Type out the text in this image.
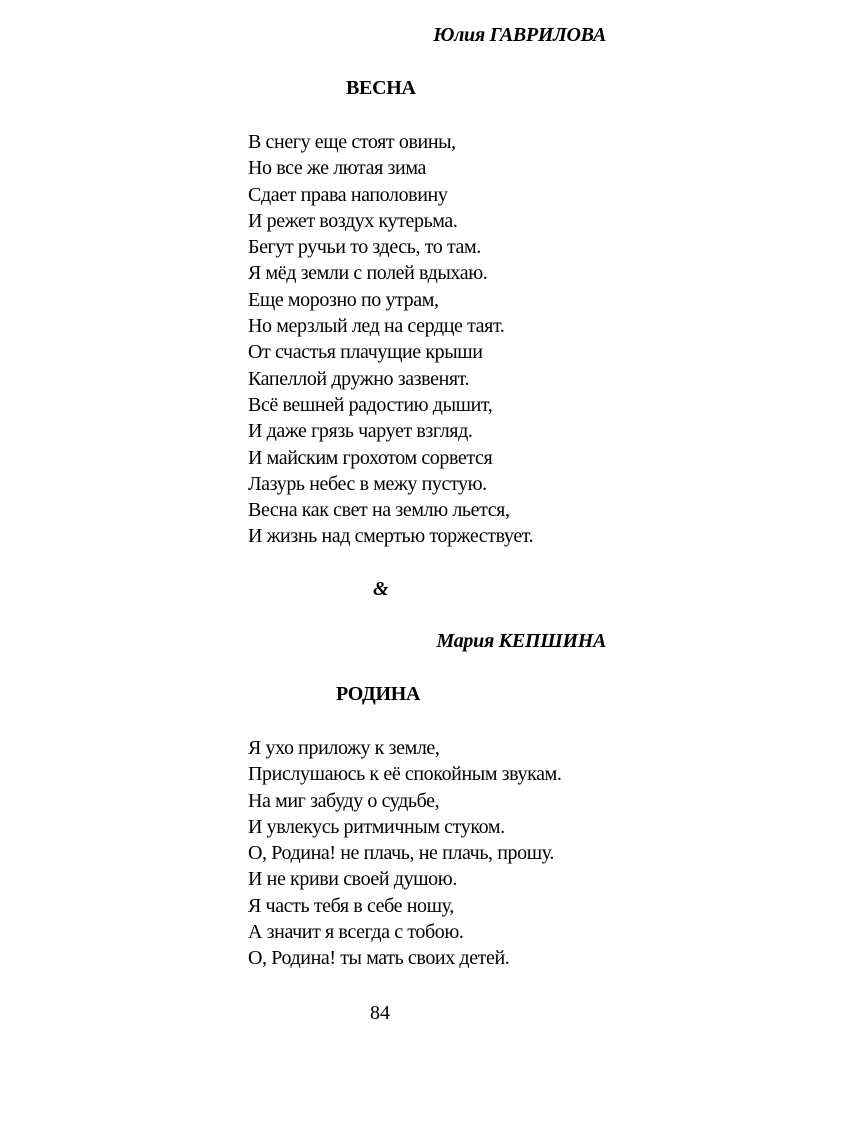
Юлия ГАВРИЛОВА
ВЕСНА
В снегу еще стоят овины,
Но все же лютая зима
Сдает права наполовину
И режет воздух кутерьма.
Бегут ручьи то здесь, то там.
Я мёд земли с полей вдыхаю.
Еще морозно по утрам,
Но мерзлый лед на сердце таят.
От счастья плачущие крыши
Капеллой дружно зазвенят.
Всё вешней радостию дышит,
И даже грязь чарует взгляд.
И майским грохотом сорвется
Лазурь небес в межу пустую.
Весна как свет на землю льется,
И жизнь над смертью торжествует.
&
Мария КЕПШИНА
РОДИНА
Я ухо приложу к земле,
Прислушаюсь к её спокойным звукам.
На миг забуду о судьбе,
И увлекусь ритмичным стуком.
О, Родина! не плачь, не плачь, прошу.
И не криви своей душою.
Я часть тебя в себе ношу,
А значит я всегда с тобою.
О, Родина! ты мать своих детей.
84
